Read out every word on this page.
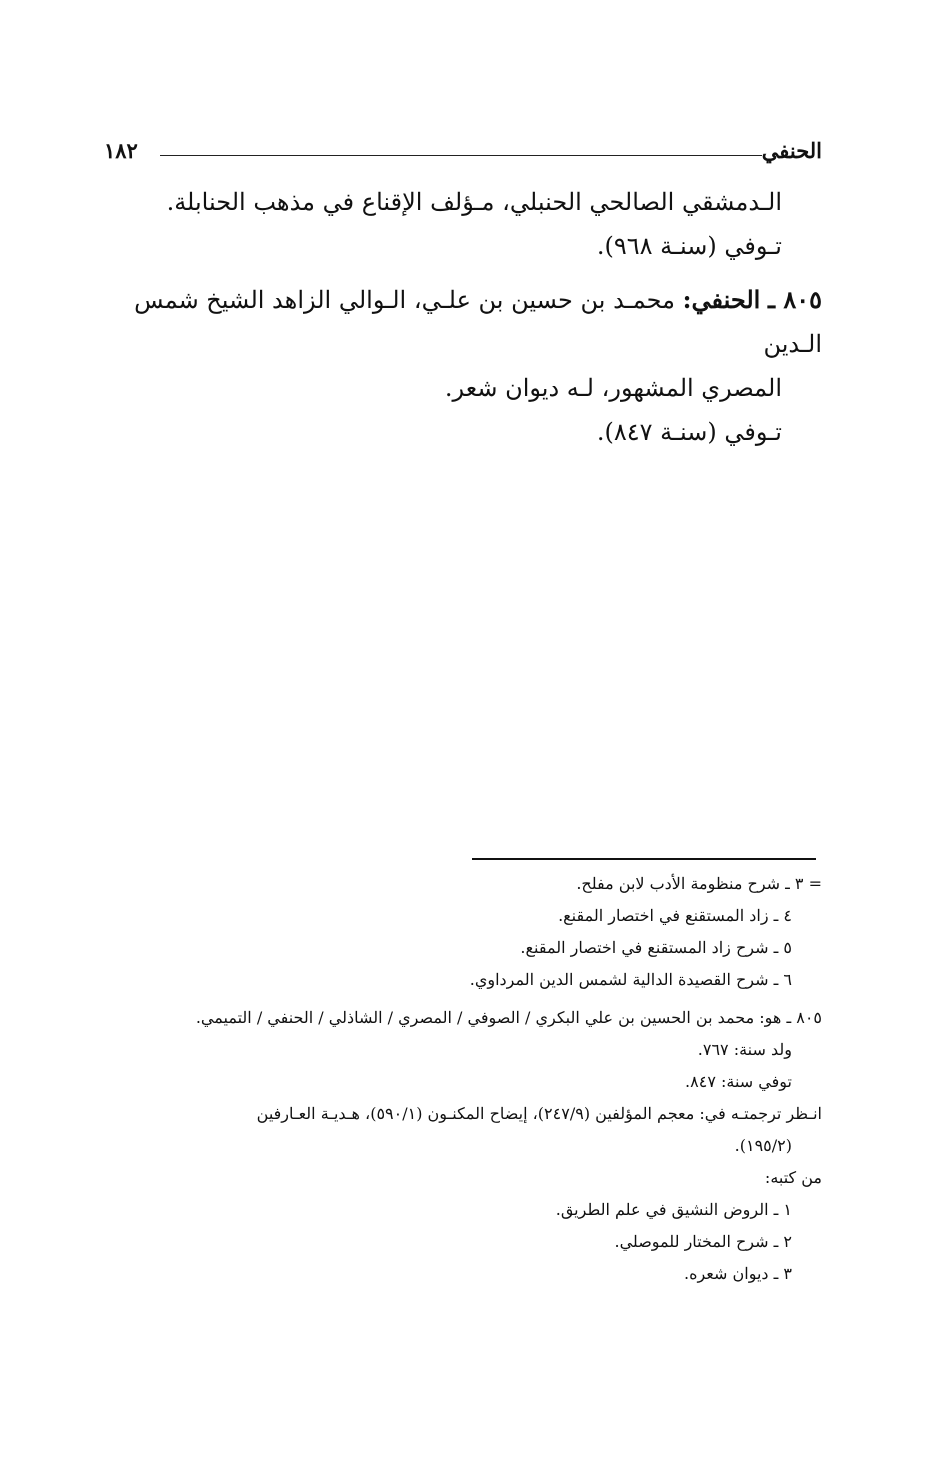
الحنفي
١٨٢

الـدمشقي الصالحي الحنبلي، مـؤلف الإقناع في مذهب الحنابلة.

تـوفي (سنـة ٩٦٨).

٨٠٥ ـ الحنفي: محمـد بن حسين بن علـي، الـوالي الزاهد الشيخ شمس الـدين

المصري المشهور، لـه ديوان شعر.

تـوفي (سنـة ٨٤٧).

= ٣ ـ شرح منظومة الأدب لابن مفلح.

٤ ـ زاد المستقنع في اختصار المقنع.

٥ ـ شرح زاد المستقنع في اختصار المقنع.

٦ ـ شرح القصيدة الدالية لشمس الدين المرداوي.

٨٠٥ ـ هو: محمد بن الحسين بن علي البكري / الصوفي / المصري / الشاذلي / الحنفي / التميمي.

ولد سنة: ٧٦٧.

توفي سنة: ٨٤٧.

انـظر ترجمتـه في: معجم المؤلفين (٢٤٧/٩)، إيضاح المكنـون (٥٩٠/١)، هـديـة العـارفين

(١٩٥/٢).

من كتبه:

١ ـ الروض النشيق في علم الطريق.

٢ ـ شرح المختار للموصلي.

٣ ـ ديوان شعره.
